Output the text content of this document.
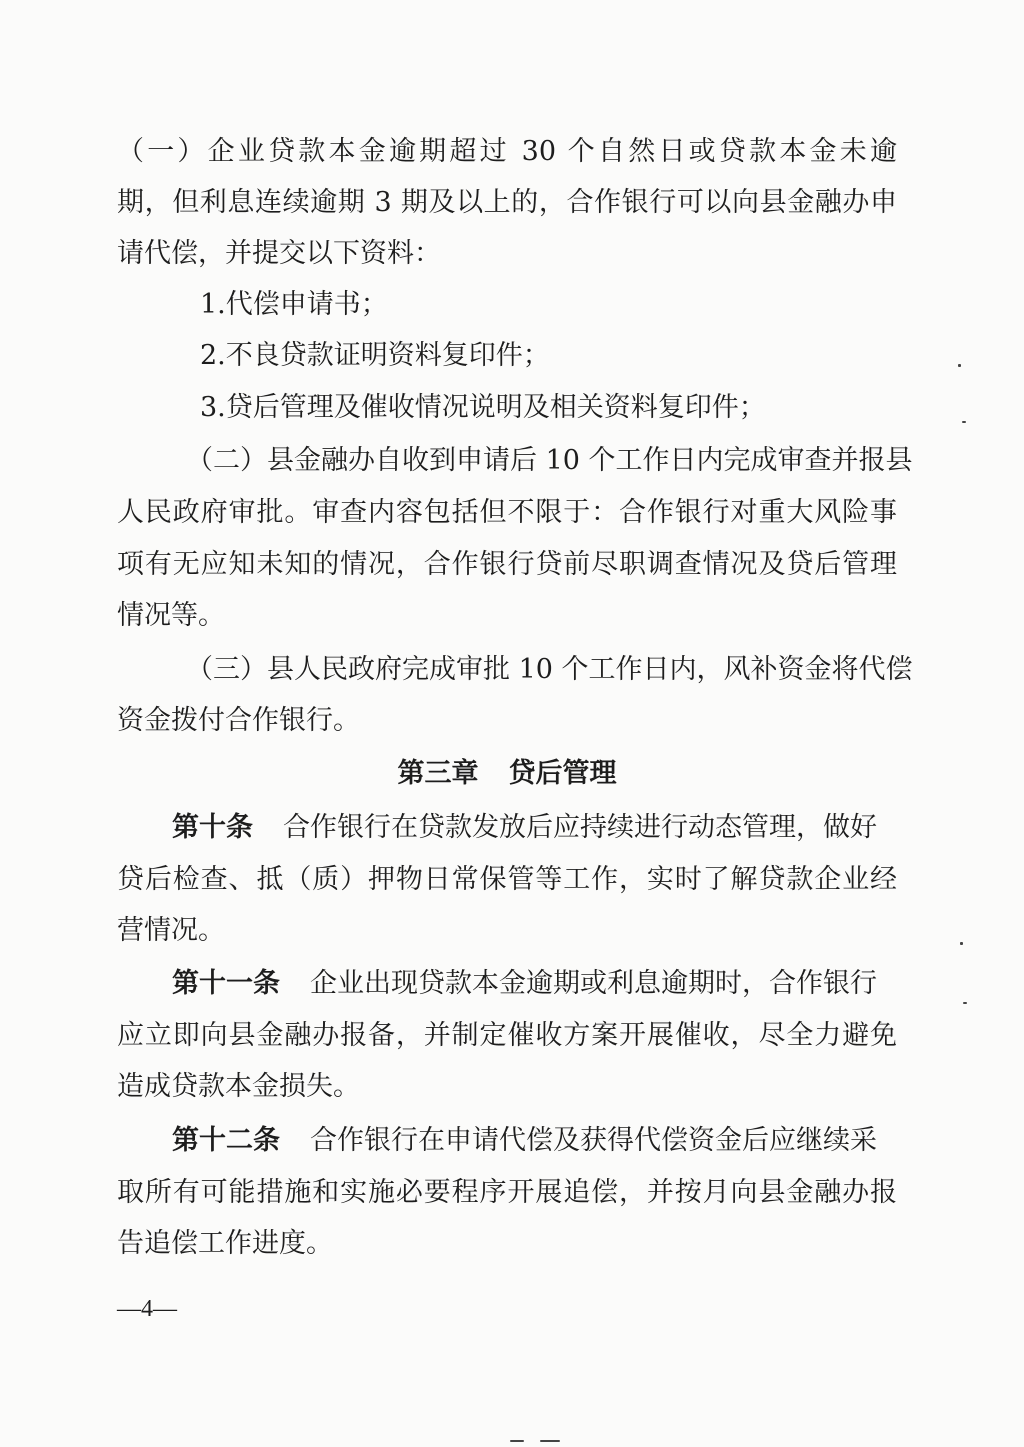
（一）企业贷款本金逾期超过 30 个自然日或贷款本金未逾
期，但利息连续逾期 3 期及以上的，合作银行可以向县金融办申
请代偿，并提交以下资料：
1.代偿申请书；
2.不良贷款证明资料复印件；
3.贷后管理及催收情况说明及相关资料复印件；
（二）县金融办自收到申请后 10 个工作日内完成审查并报县
人民政府审批。审查内容包括但不限于：合作银行对重大风险事
项有无应知未知的情况，合作银行贷前尽职调查情况及贷后管理
情况等。
（三）县人民政府完成审批 10 个工作日内，风补资金将代偿
资金拨付合作银行。
第三章 贷后管理
第十条 合作银行在贷款发放后应持续进行动态管理，做好
贷后检查、抵（质）押物日常保管等工作，实时了解贷款企业经
营情况。
第十一条 企业出现贷款本金逾期或利息逾期时，合作银行
应立即向县金融办报备，并制定催收方案开展催收，尽全力避免
造成贷款本金损失。
第十二条 合作银行在申请代偿及获得代偿资金后应继续采
取所有可能措施和实施必要程序开展追偿，并按月向县金融办报
告追偿工作进度。
—4—
